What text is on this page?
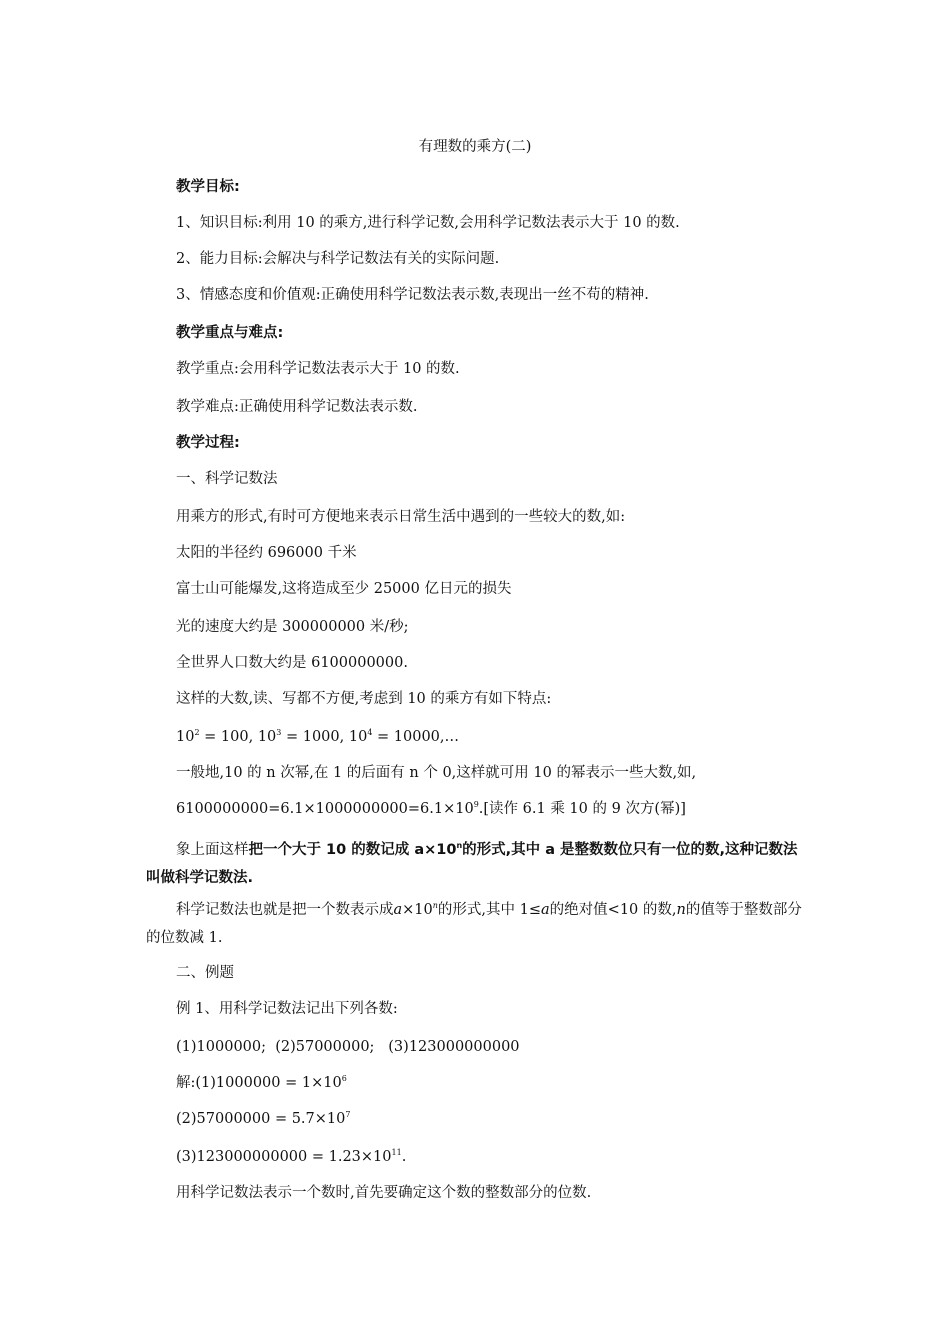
有理数的乘方(二)
教学目标:
1、知识目标:利用 10 的乘方,进行科学记数,会用科学记数法表示大于 10 的数.
2、能力目标:会解决与科学记数法有关的实际问题.
3、情感态度和价值观:正确使用科学记数法表示数,表现出一丝不苟的精神.
教学重点与难点:
教学重点:会用科学记数法表示大于 10 的数.
教学难点:正确使用科学记数法表示数.
教学过程:
一、科学记数法
用乘方的形式,有时可方便地来表示日常生活中遇到的一些较大的数,如:
太阳的半径约 696000 千米
富士山可能爆发,这将造成至少 25000 亿日元的损失
光的速度大约是 300000000 米/秒;
全世界人口数大约是 6100000000.
这样的大数,读、写都不方便,考虑到 10 的乘方有如下特点:
$10^2 = 100$, $10^3 = 1000$, $10^4$ = 10000,…
一般地,10 的 n 次幂,在 1 的后面有 n 个 0,这样就可用 10 的幂表示一些大数,如,
$6100000000=6.1\times 1000000000=6.1\times 10^9$.[读作 6.1 乘 10 的 9 次方(幂)]
象上面这样把一个大于 10 的数记成 $a\times 10^n$的形式,其中 a 是整数数位只有一位的数,这种记数法叫做科学记数法.
科学记数法也就是把一个数表示成$a\times 10^n$的形式,其中 1≤a的绝对值<10 的数,n的值等于整数部分的位数减 1.
二、例题
例 1、用科学记数法记出下列各数:
(1)1000000;  (2)57000000;   (3)123000000000
解:(1)1000000 = $1\times 10^6$
$(2)57000000 = 5.7\times 10^7$
$(3)123000000000 = 1.23\times 10^{11}$.
用科学记数法表示一个数时,首先要确定这个数的整数部分的位数.
